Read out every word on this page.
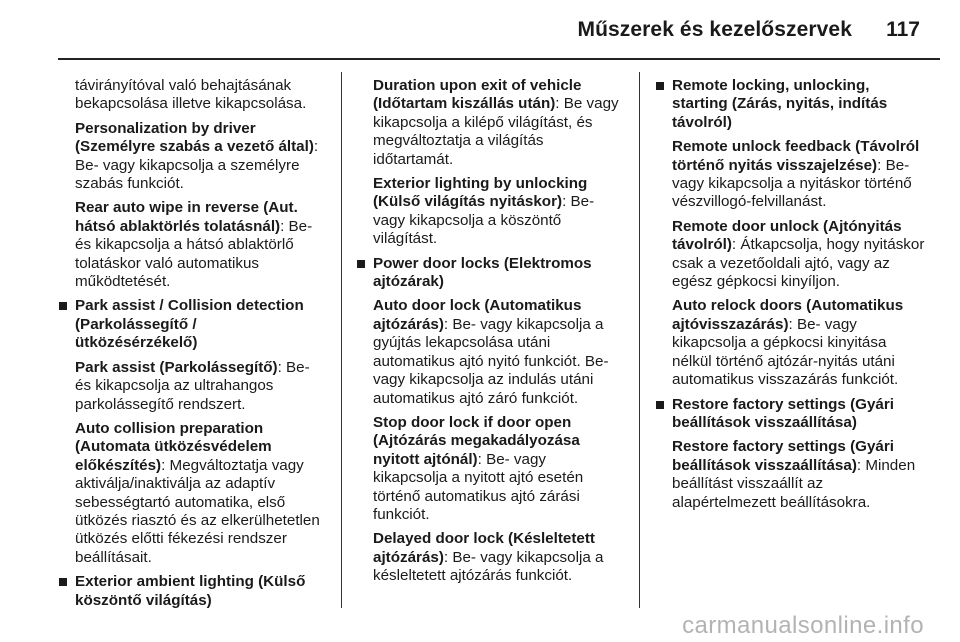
Műszerek és kezelőszervek 117
távirányítóval való behajtásának bekapcsolása illetve kikapcsolása.
Personalization by driver (Személyre szabás a vezető által): Be- vagy kikapcsolja a személyre szabás funkciót.
Rear auto wipe in reverse (Aut. hátsó ablaktörlés tolatásnál): Be- és kikapcsolja a hátsó ablaktörlő tolatáskor való automatikus működtetését.
Park assist / Collision detection (Parkolássegítő / ütközésérzékelő)
Park assist (Parkolássegítő): Be- és kikapcsolja az ultrahangos parkolássegítő rendszert.
Auto collision preparation (Automata ütközésvédelem előkészítés): Megváltoztatja vagy aktiválja/inaktiválja az adaptív sebességtartó automatika, első ütközés riasztó és az elkerülhetetlen ütközés előtti fékezési rendszer beállításait.
Exterior ambient lighting (Külső köszöntő világítás)
Duration upon exit of vehicle (Időtartam kiszállás után): Be vagy kikapcsolja a kilépő világítást, és megváltoztatja a világítás időtartamát.
Exterior lighting by unlocking (Külső világítás nyitáskor): Be- vagy kikapcsolja a köszöntő világítást.
Power door locks (Elektromos ajtózárak)
Auto door lock (Automatikus ajtózárás): Be- vagy kikapcsolja a gyújtás lekapcsolása utáni automatikus ajtó nyitó funkciót. Be- vagy kikapcsolja az indulás utáni automatikus ajtó záró funkciót.
Stop door lock if door open (Ajtózárás megakadályozása nyitott ajtónál): Be- vagy kikapcsolja a nyitott ajtó esetén történő automatikus ajtó zárási funkciót.
Delayed door lock (Késleltetett ajtózárás): Be- vagy kikapcsolja a késleltetett ajtózárás funkciót.
Remote locking, unlocking, starting (Zárás, nyitás, indítás távolról)
Remote unlock feedback (Távolról történő nyitás visszajelzése): Be- vagy kikapcsolja a nyitáskor történő vészvillogó-felvillanást.
Remote door unlock (Ajtónyitás távolról): Átkapcsolja, hogy nyitáskor csak a vezetőoldali ajtó, vagy az egész gépkocsi kinyíljon.
Auto relock doors (Automatikus ajtóvisszazárás): Be- vagy kikapcsolja a gépkocsi kinyitása nélkül történő ajtózár-nyitás utáni automatikus visszazárás funkciót.
Restore factory settings (Gyári beállítások visszaállítása)
Restore factory settings (Gyári beállítások visszaállítása): Minden beállítást visszaállít az alapértelmezett beállításokra.
carmanualsonline.info
